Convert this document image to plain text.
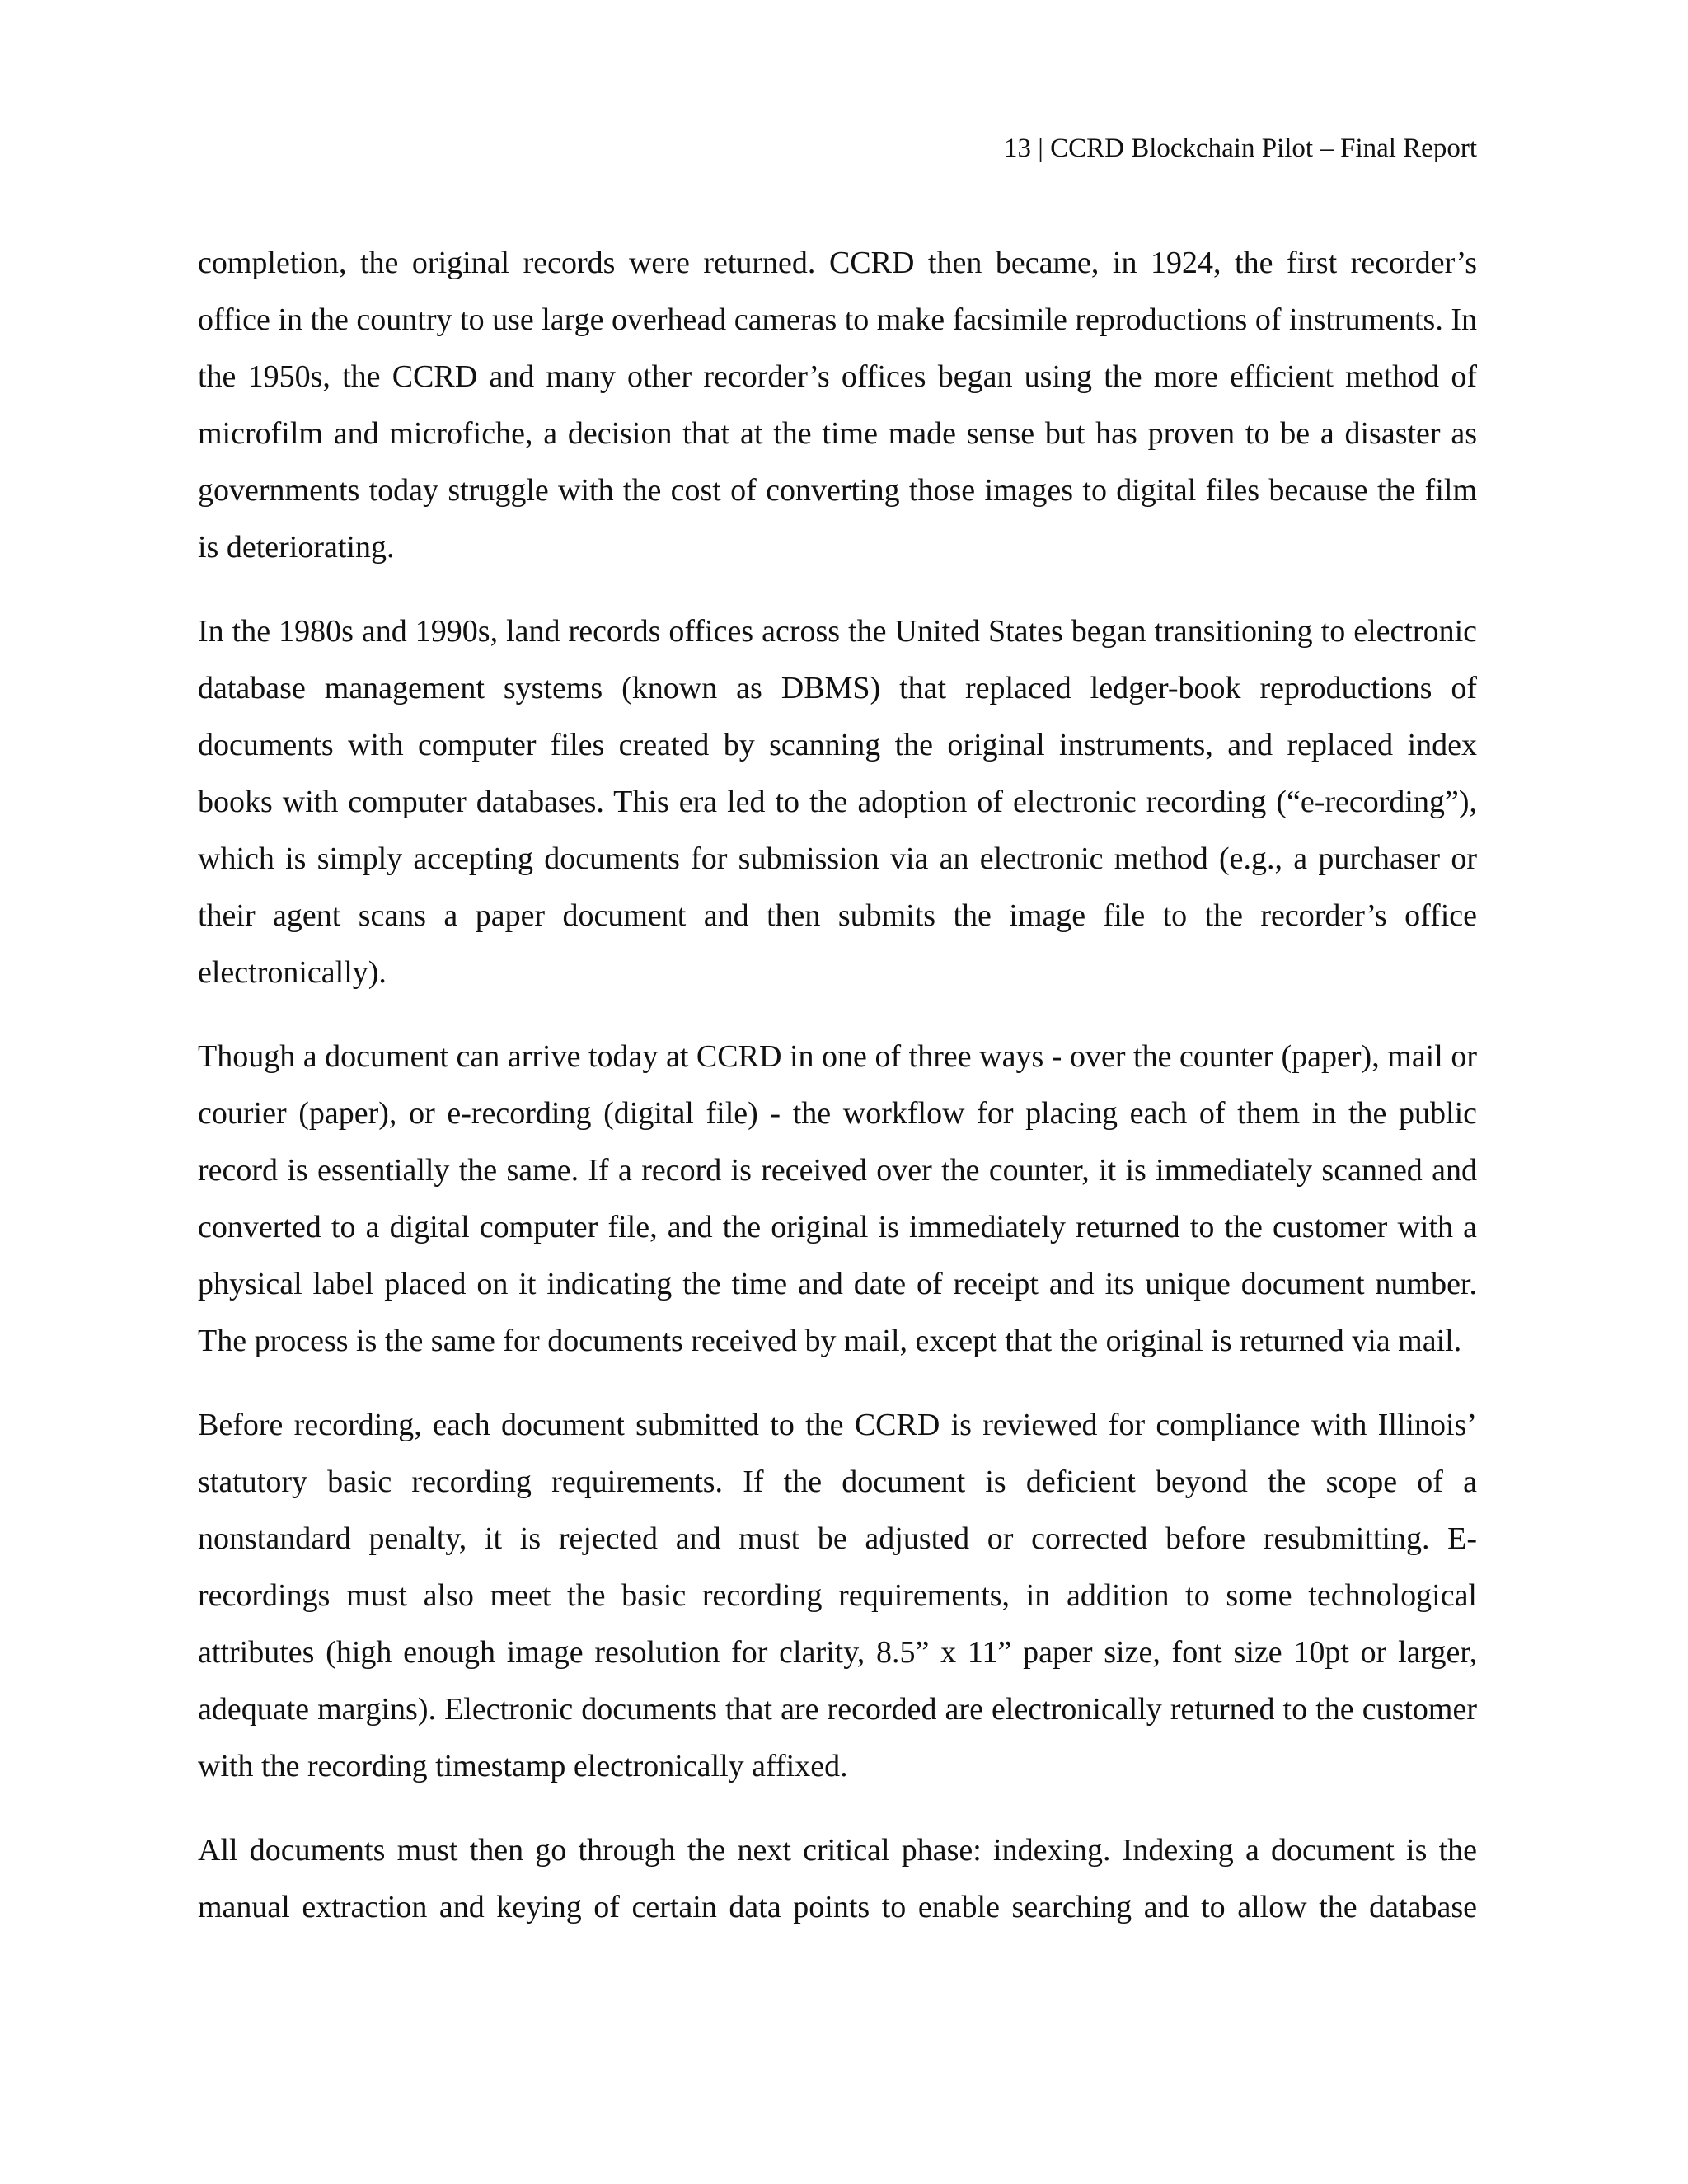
13 | CCRD Blockchain Pilot – Final Report

completion, the original records were returned. CCRD then became, in 1924, the first recorder’s office in the country to use large overhead cameras to make facsimile reproductions of instruments. In the 1950s, the CCRD and many other recorder’s offices began using the more efficient method of microfilm and microfiche, a decision that at the time made sense but has proven to be a disaster as governments today struggle with the cost of converting those images to digital files because the film is deteriorating.

In the 1980s and 1990s, land records offices across the United States began transitioning to electronic database management systems (known as DBMS) that replaced ledger-book reproductions of documents with computer files created by scanning the original instruments, and replaced index books with computer databases. This era led to the adoption of electronic recording (“e-recording”), which is simply accepting documents for submission via an electronic method (e.g., a purchaser or their agent scans a paper document and then submits the image file to the recorder’s office electronically).

Though a document can arrive today at CCRD in one of three ways - over the counter (paper), mail or courier (paper), or e-recording (digital file) - the workflow for placing each of them in the public record is essentially the same. If a record is received over the counter, it is immediately scanned and converted to a digital computer file, and the original is immediately returned to the customer with a physical label placed on it indicating the time and date of receipt and its unique document number. The process is the same for documents received by mail, except that the original is returned via mail.

Before recording, each document submitted to the CCRD is reviewed for compliance with Illinois’ statutory basic recording requirements. If the document is deficient beyond the scope of a nonstandard penalty, it is rejected and must be adjusted or corrected before resubmitting. E-recordings must also meet the basic recording requirements, in addition to some technological attributes (high enough image resolution for clarity, 8.5” x 11” paper size, font size 10pt or larger, adequate margins). Electronic documents that are recorded are electronically returned to the customer with the recording timestamp electronically affixed.

All documents must then go through the next critical phase: indexing. Indexing a document is the manual extraction and keying of certain data points to enable searching and to allow the database
